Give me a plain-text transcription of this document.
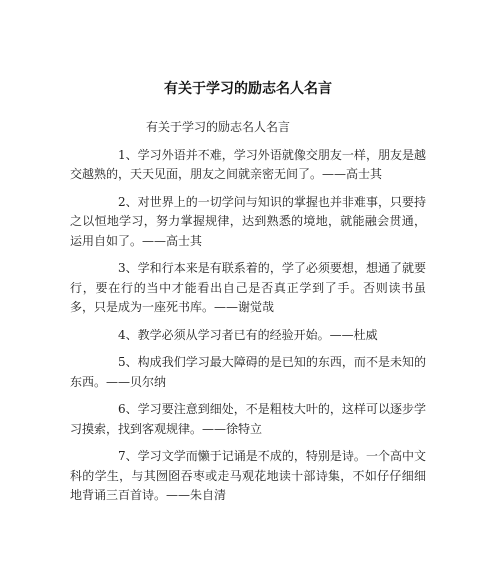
有关于学习的励志名人名言

有关于学习的励志名人名言

1、学习外语并不难，学习外语就像交朋友一样，朋友是越交越熟的，天天见面，朋友之间就亲密无间了。——高士其

2、对世界上的一切学问与知识的掌握也并非难事，只要持之以恒地学习，努力掌握规律，达到熟悉的境地，就能融会贯通，运用自如了。——高士其

3、学和行本来是有联系着的，学了必须要想，想通了就要行，要在行的当中才能看出自己是否真正学到了手。否则读书虽多，只是成为一座死书库。——谢觉哉

4、教学必须从学习者已有的经验开始。——杜威

5、构成我们学习最大障碍的是已知的东西，而不是未知的东西。——贝尔纳

6、学习要注意到细处，不是粗枝大叶的，这样可以逐步学习摸索，找到客观规律。——徐特立

7、学习文学而懒于记诵是不成的，特别是诗。一个高中文科的学生，与其囫囵吞枣或走马观花地读十部诗集，不如仔仔细细地背诵三百首诗。——朱自清
